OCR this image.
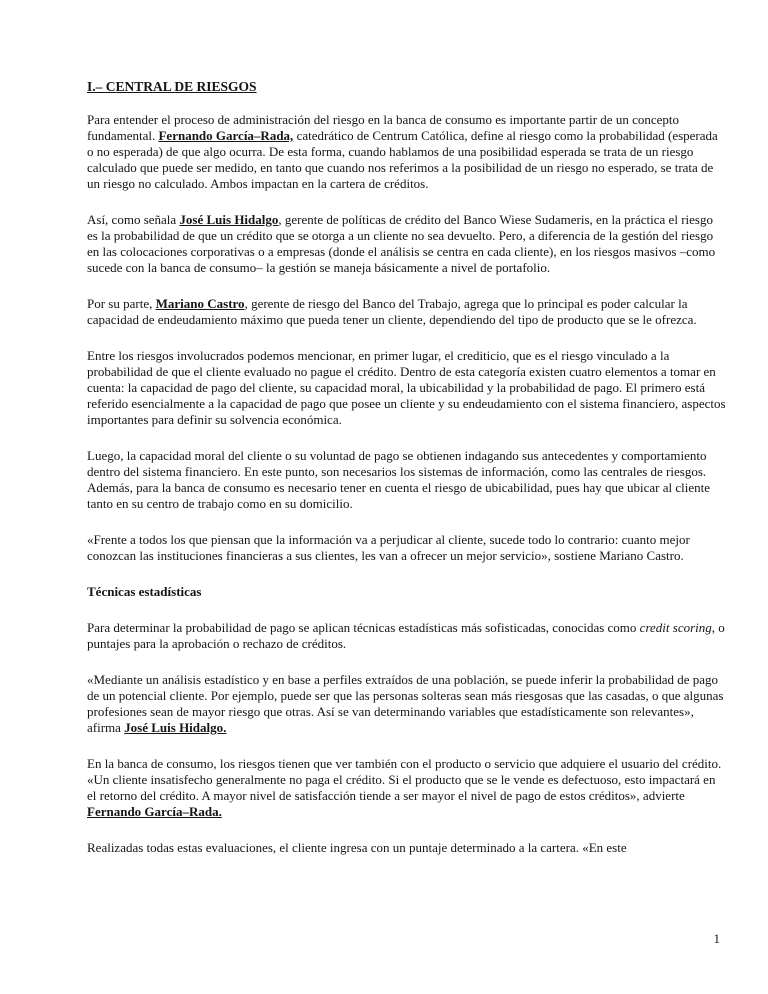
I.– CENTRAL DE RIESGOS

Para entender el proceso de administración del riesgo en la banca de consumo es importante partir de un concepto fundamental. Fernando García–Rada, catedrático de Centrum Católica, define al riesgo como la probabilidad (esperada o no esperada) de que algo ocurra. De esta forma, cuando hablamos de una posibilidad esperada se trata de un riesgo calculado que puede ser medido, en tanto que cuando nos referimos a la posibilidad de un riesgo no esperado, se trata de un riesgo no calculado. Ambos impactan en la cartera de créditos.

Así, como señala José Luis Hidalgo, gerente de políticas de crédito del Banco Wiese Sudameris, en la práctica el riesgo es la probabilidad de que un crédito que se otorga a un cliente no sea devuelto. Pero, a diferencia de la gestión del riesgo en las colocaciones corporativas o a empresas (donde el análisis se centra en cada cliente), en los riesgos masivos –como sucede con la banca de consumo– la gestión se maneja básicamente a nivel de portafolio.

Por su parte, Mariano Castro, gerente de riesgo del Banco del Trabajo, agrega que lo principal es poder calcular la capacidad de endeudamiento máximo que pueda tener un cliente, dependiendo del tipo de producto que se le ofrezca.

Entre los riesgos involucrados podemos mencionar, en primer lugar, el crediticio, que es el riesgo vinculado a la probabilidad de que el cliente evaluado no pague el crédito. Dentro de esta categoría existen cuatro elementos a tomar en cuenta: la capacidad de pago del cliente, su capacidad moral, la ubicabilidad y la probabilidad de pago. El primero está referido esencialmente a la capacidad de pago que posee un cliente y su endeudamiento con el sistema financiero, aspectos importantes para definir su solvencia económica.

Luego, la capacidad moral del cliente o su voluntad de pago se obtienen indagando sus antecedentes y comportamiento dentro del sistema financiero. En este punto, son necesarios los sistemas de información, como las centrales de riesgos. Además, para la banca de consumo es necesario tener en cuenta el riesgo de ubicabilidad, pues hay que ubicar al cliente tanto en su centro de trabajo como en su domicilio.

«Frente a todos los que piensan que la información va a perjudicar al cliente, sucede todo lo contrario: cuanto mejor conozcan las instituciones financieras a sus clientes, les van a ofrecer un mejor servicio», sostiene Mariano Castro.

Técnicas estadísticas

Para determinar la probabilidad de pago se aplican técnicas estadísticas más sofisticadas, conocidas como credit scoring, o puntajes para la aprobación o rechazo de créditos.

«Mediante un análisis estadístico y en base a perfiles extraídos de una población, se puede inferir la probabilidad de pago de un potencial cliente. Por ejemplo, puede ser que las personas solteras sean más riesgosas que las casadas, o que algunas profesiones sean de mayor riesgo que otras. Así se van determinando variables que estadísticamente son relevantes», afirma José Luis Hidalgo.

En la banca de consumo, los riesgos tienen que ver también con el producto o servicio que adquiere el usuario del crédito. «Un cliente insatisfecho generalmente no paga el crédito. Si el producto que se le vende es defectuoso, esto impactará en el retorno del crédito. A mayor nivel de satisfacción tiende a ser mayor el nivel de pago de estos créditos», advierte Fernando García–Rada.

Realizadas todas estas evaluaciones, el cliente ingresa con un puntaje determinado a la cartera. «En este

1
